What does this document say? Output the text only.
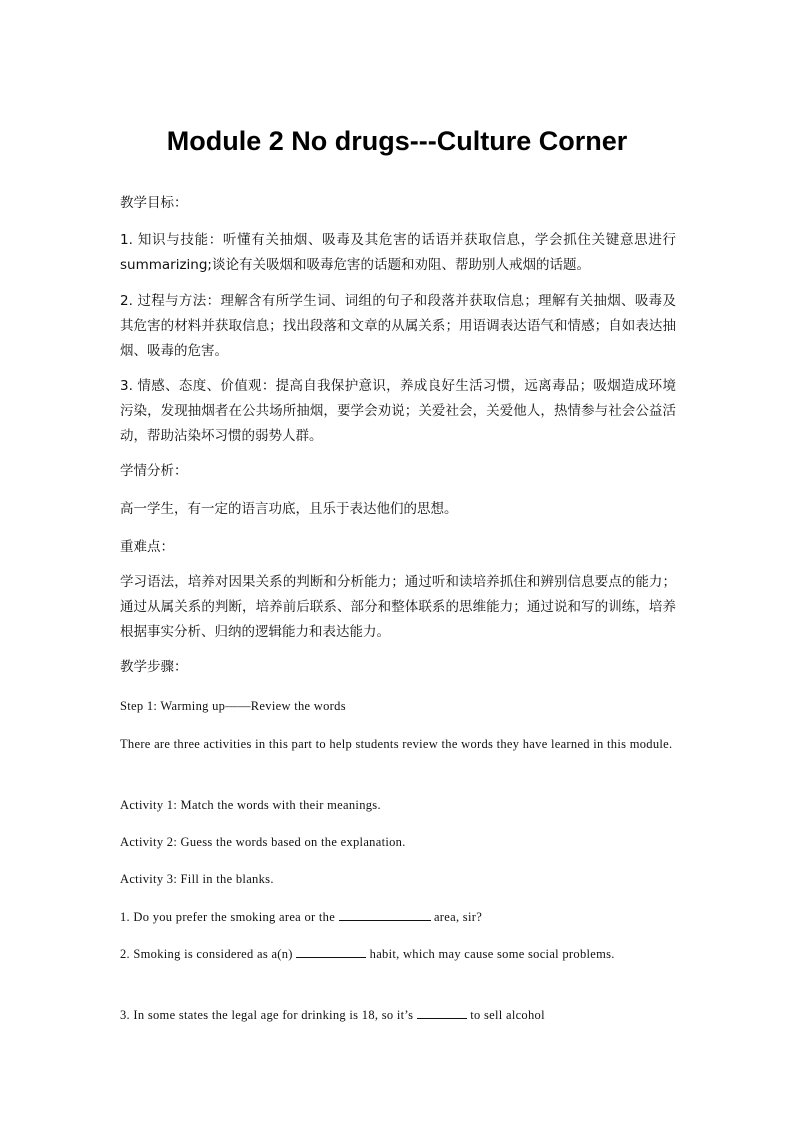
Module 2 No drugs---Culture Corner
教学目标：
1. 知识与技能：听懂有关抽烟、吸毒及其危害的话语并获取信息，学会抓住关键意思进行summarizing;谈论有关吸烟和吸毒危害的话题和劝阻、帮助别人戒烟的话题。
2. 过程与方法：理解含有所学生词、词组的句子和段落并获取信息；理解有关抽烟、吸毒及其危害的材料并获取信息；找出段落和文章的从属关系；用语调表达语气和情感；自如表达抽烟、吸毒的危害。
3. 情感、态度、价值观：提高自我保护意识，养成良好生活习惯，远离毒品；吸烟造成环境污染，发现抽烟者在公共场所抽烟，要学会劝说；关爱社会，关爱他人，热情参与社会公益活动，帮助沾染坏习惯的弱势人群。
学情分析：
高一学生，有一定的语言功底，且乐于表达他们的思想。
重难点：
学习语法，培养对因果关系的判断和分析能力；通过听和读培养抓住和辨别信息要点的能力；通过从属关系的判断，培养前后联系、部分和整体联系的思维能力；通过说和写的训练，培养根据事实分析、归纳的逻辑能力和表达能力。
教学步骤：
Step 1: Warming up——Review the words
There are three activities in this part to help students review the words they have learned in this module.
Activity 1: Match the words with their meanings.
Activity 2: Guess the words based on the explanation.
Activity 3: Fill in the blanks.
1. Do you prefer the smoking area or the	area, sir?
2. Smoking is considered as a(n)	habit, which may cause some social problems.
3. In some states the legal age for drinking is 18, so it’s	to sell alcohol
